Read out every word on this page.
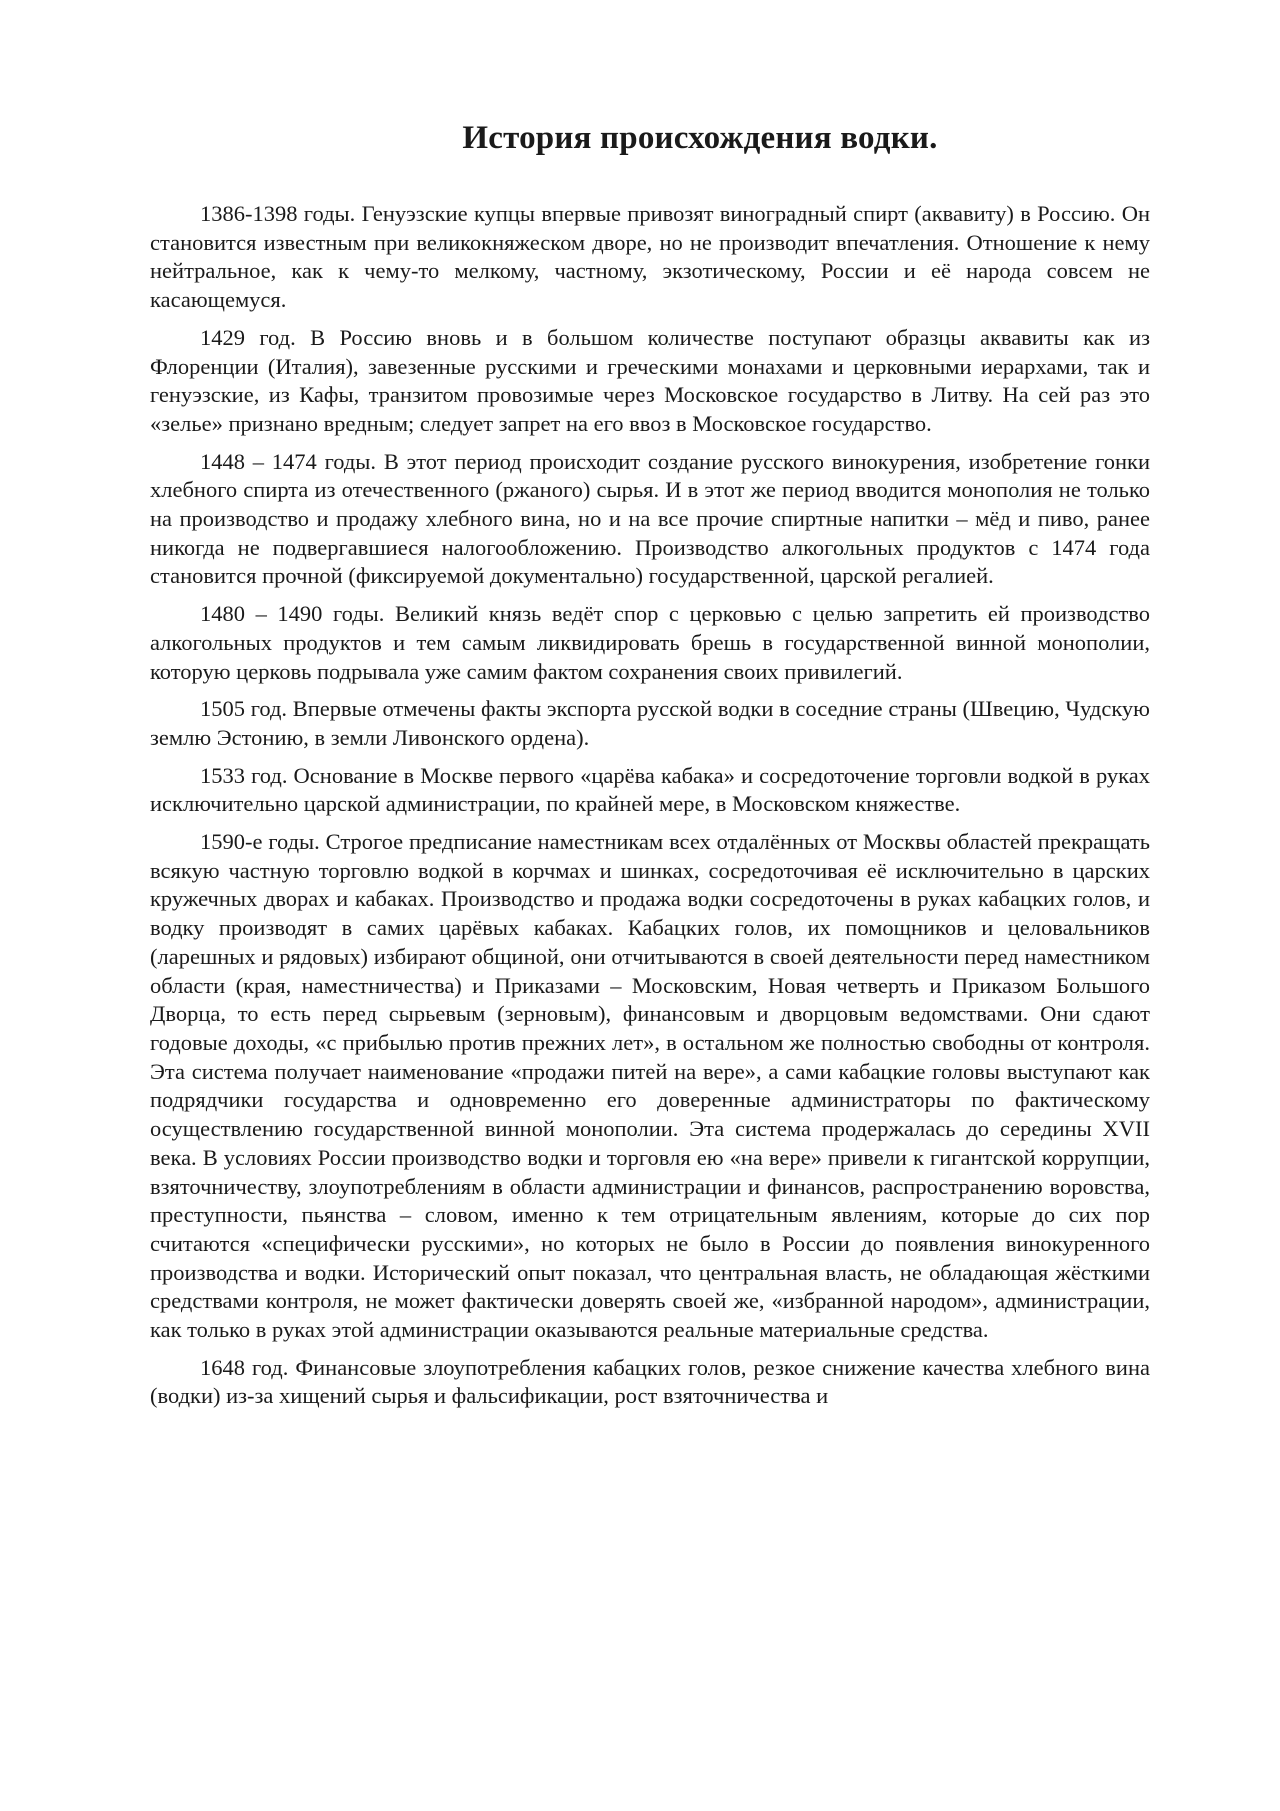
История происхождения водки.

1386-1398 годы. Генуэзские купцы впервые привозят виноградный спирт (аквавиту) в Россию. Он становится известным при великокняжеском дворе, но не производит впечатления. Отношение к нему нейтральное, как к чему-то мелкому, частному, экзотическому, России и её народа совсем не касающемуся.

1429 год. В Россию вновь и в большом количестве поступают образцы аквавиты как из Флоренции (Италия), завезенные русскими и греческими монахами и церковными иерархами, так и генуэзские, из Кафы, транзитом провозимые через Московское государство в Литву. На сей раз это «зелье» признано вредным; следует запрет на его ввоз в Московское государство.

1448 – 1474 годы. В этот период происходит создание русского винокурения, изобретение гонки хлебного спирта из отечественного (ржаного) сырья. И в этот же период вводится монополия не только на производство и продажу хлебного вина, но и на все прочие спиртные напитки – мёд и пиво, ранее никогда не подвергавшиеся налогообложению. Производство алкогольных продуктов с 1474 года становится прочной (фиксируемой документально) государственной, царской регалией.

1480 – 1490 годы. Великий князь ведёт спор с церковью с целью запретить ей производство алкогольных продуктов и тем самым ликвидировать брешь в государственной винной монополии, которую церковь подрывала уже самим фактом сохранения своих привилегий.

1505 год. Впервые отмечены факты экспорта русской водки в соседние страны (Швецию, Чудскую землю Эстонию, в земли Ливонского ордена).

1533 год. Основание в Москве первого «царёва кабака» и сосредоточение торговли водкой в руках исключительно царской администрации, по крайней мере, в Московском княжестве.

1590-е годы. Строгое предписание наместникам всех отдалённых от Москвы областей прекращать всякую частную торговлю водкой в корчмах и шинках, сосредоточивая её исключительно в царских кружечных дворах и кабаках. Производство и продажа водки сосредоточены в руках кабацких голов, и водку производят в самих царёвых кабаках. Кабацких голов, их помощников и целовальников (ларешных и рядовых) избирают общиной, они отчитываются в своей деятельности перед наместником области (края, наместничества) и Приказами – Московским, Новая четверть и Приказом Большого Дворца, то есть перед сырьевым (зерновым), финансовым и дворцовым ведомствами. Они сдают годовые доходы, «с прибылью против прежних лет», в остальном же полностью свободны от контроля. Эта система получает наименование «продажи питей на вере», а сами кабацкие головы выступают как подрядчики государства и одновременно его доверенные администраторы по фактическому осуществлению государственной винной монополии. Эта система продержалась до середины XVII века. В условиях России производство водки и торговля ею «на вере» привели к гигантской коррупции, взяточничеству, злоупотреблениям в области администрации и финансов, распространению воровства, преступности, пьянства – словом, именно к тем отрицательным явлениям, которые до сих пор считаются «специфически русскими», но которых не было в России до появления винокуренного производства и водки. Исторический опыт показал, что центральная власть, не обладающая жёсткими средствами контроля, не может фактически доверять своей же, «избранной народом», администрации, как только в руках этой администрации оказываются реальные материальные средства.

1648 год. Финансовые злоупотребления кабацких голов, резкое снижение качества хлебного вина (водки) из-за хищений сырья и фальсификации, рост взяточничества и
